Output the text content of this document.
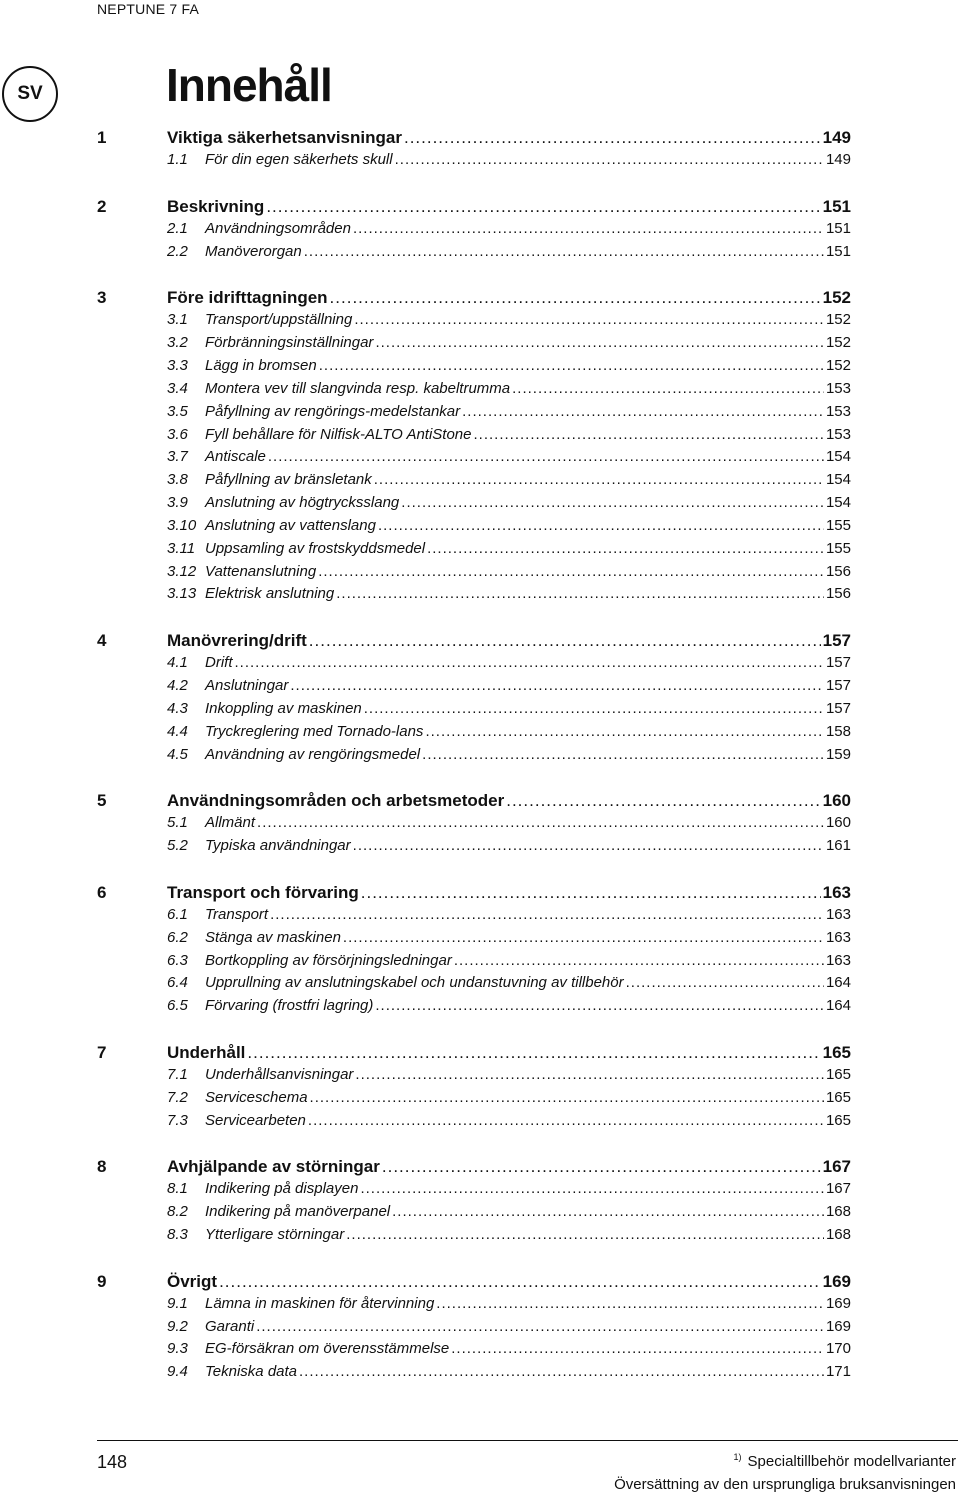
NEPTUNE 7 FA
SV	Innehåll
1	Viktiga säkerhetsanvisningar .....	149
1.1	För din egen säkerhets skull .....	149
2	Beskrivning .....	151
2.1	Användningsområden .....	151
2.2	Manöverorgan .....	151
3	Före idrifttagningen .....	152
3.1	Transport/uppställning .....	152
3.2	Förbränningsinställningar .....	152
3.3	Lägg in bromsen .....	152
3.4	Montera vev till slangvinda resp. kabeltrumma .....	153
3.5	Påfyllning av rengörings-medelstankar .....	153
3.6	Fyll behållare för Nilfisk-ALTO AntiStone .....	153
3.7	Antiscale .....	154
3.8	Påfyllning av bränsletank .....	154
3.9	Anslutning av högtrycksslang .....	154
3.10 Anslutning av vattenslang .....	155
3.11 Uppsamling av frostskyddsmedel .....	155
3.12 Vattenanslutning .....	156
3.13 Elektrisk anslutning .....	156
4	Manövrering/drift .....	157
4.1	Drift .....	157
4.2	Anslutningar .....	157
4.3	Inkoppling av maskinen .....	157
4.4	Tryckreglering med Tornado-lans .....	158
4.5	Användning av rengöringsmedel .....	159
5	Användningsområden och arbetsmetoder .....	160
5.1	Allmänt .....	160
5.2	Typiska användningar .....	161
6	Transport och förvaring .....	163
6.1	Transport .....	163
6.2	Stänga av maskinen .....	163
6.3	Bortkoppling av försörjningsledningar .....	163
6.4	Upprullning av anslutningskabel och undanstuvning av tillbehör .....	164
6.5	Förvaring (frostfri lagring) .....	164
7	Underhåll .....	165
7.1	Underhållsanvisningar .....	165
7.2	Serviceschema .....	165
7.3	Servicearbeten .....	165
8	Avhjälpande av störningar .....	167
8.1	Indikering på displayen .....	167
8.2	Indikering på manöverpanel .....	168
8.3	Ytterligare störningar .....	168
9	Övrigt .....	169
9.1	Lämna in maskinen för återvinning .....	169
9.2	Garanti .....	169
9.3	EG-försäkran om överensstämmelse .....	170
9.4	Tekniska data .....	171
148	$^{1)}$ Specialtillbehör modellvarianter
Översättning av den ursprungliga bruksanvisningen
